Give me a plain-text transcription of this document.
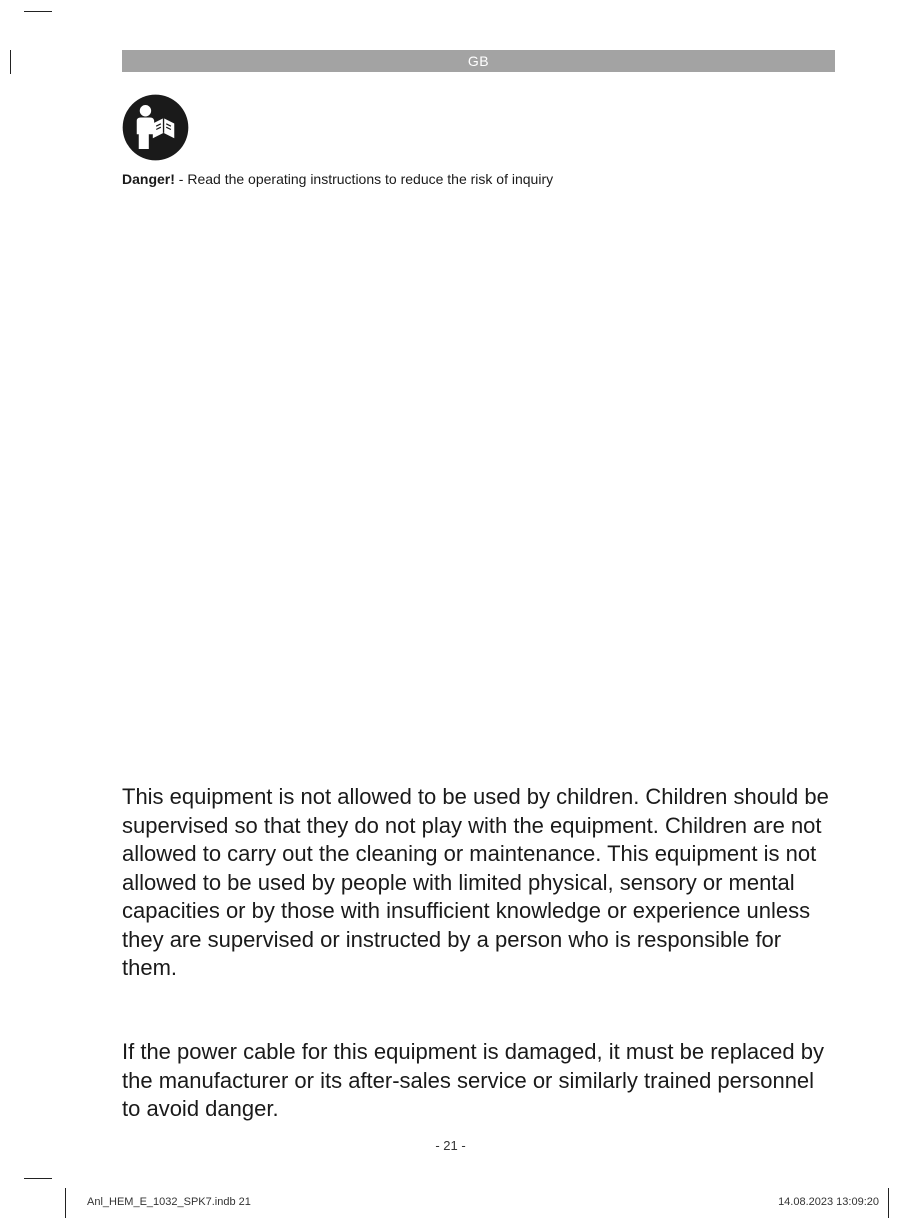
GB
Danger! - Read the operating instructions to reduce the risk of inquiry

This equipment is not allowed to be used by children. Children should be supervised so that they do not play with the equipment. Children are not allowed to carry out the cleaning or maintenance. This equipment is not allowed to be used by people with limited physical, sensory or mental capacities or by those with insufficient knowledge or experience unless they are supervised or instructed by a person who is responsible for them.

If the power cable for this equipment is damaged, it must be replaced by the manufacturer or its after-sales service or similarly trained personnel to avoid danger.

- 21 -
Anl_HEM_E_1032_SPK7.indb 21	14.08.2023 13:09:20
